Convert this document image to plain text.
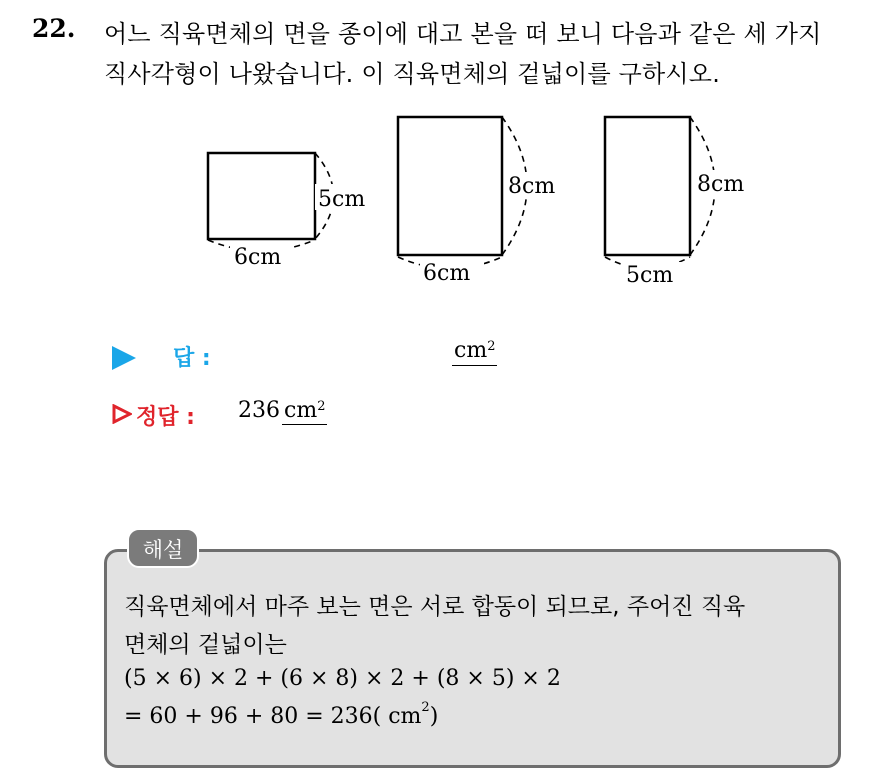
22. 어느 직육면체의 면을 종이에 대고 본을 떠 보니 다음과 같은 세 가지
직사각형이 나왔습니다. 이 직육면체의 겉넓이를 구하시오.
6cm
5cm
6cm
8cm
5cm
8cm
답 :	$cm^2$
정답 : 236 $cm^2$
해설
직육면체에서 마주 보는 면은 서로 합동이 되므로, 주어진 직육
면체의 겉넓이는
(5 × 6) × 2 + (6 × 8) × 2 + (8 × 5) × 2
= 60 + 96 + 80 = 236( $cm^2$)
